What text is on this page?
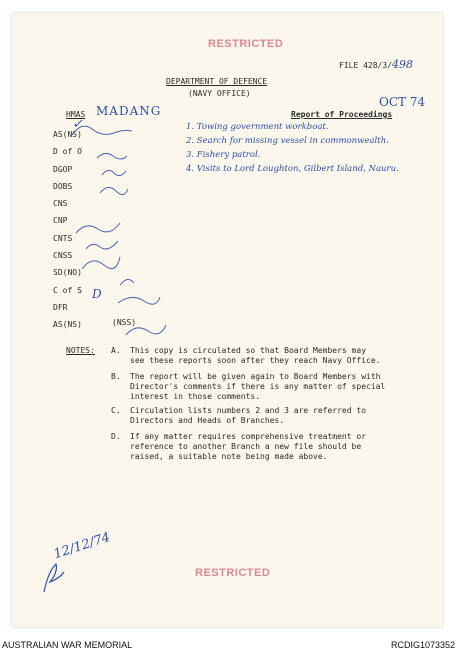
RESTRICTED
FILE 428/3/498
DEPARTMENT OF DEFENCE
(NAVY OFFICE)
HMAS MADANG	Report of Proceedings
OCT 74
AS(NS)
D of O
DGOP
DOBS
CNS
CNP
CNTS
CNSS
SD(NO)
C of S
DFR
AS(NS)
✓
D
(NSS)
1. Towing government workboat.
2. Search for missing vessel in commonwealth.
3. Fishery patrol.
4. Visits to Lord Loughton, Gilbert Island, Nauru.
NOTES: A. This copy is circulated so that Board Members may
see these reports soon after they reach Navy Office.
B. The report will be given again to Board Members with
Director's comments if there is any matter of special
interest in those comments.
C. Circulation lists numbers 2 and 3 are referred to
Directors and Heads of Branches.
D. If any matter requires comprehensive treatment or
reference to another Branch a new file should be
raised, a suitable note being made above.
12/12/74
RESTRICTED
AUSTRALIAN WAR MEMORIAL	RCDIG1073352
